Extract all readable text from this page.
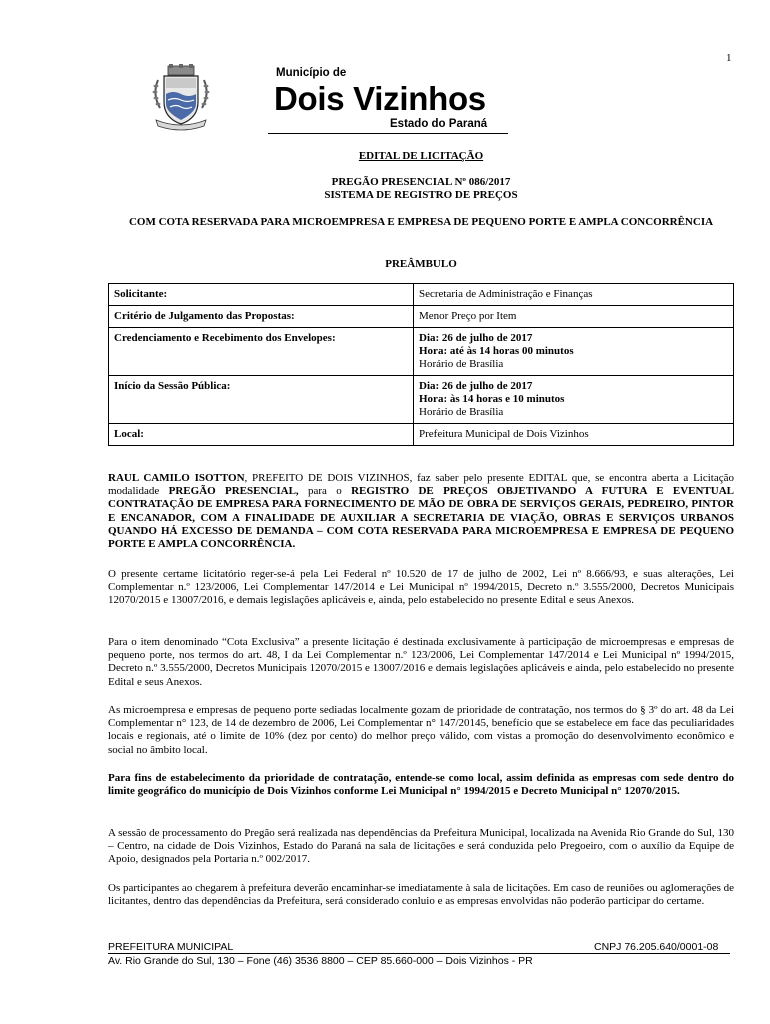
1
Município de
Dois Vizinhos
Estado do Paraná
EDITAL DE LICITAÇÃO
PREGÃO PRESENCIAL Nº 086/2017
SISTEMA DE REGISTRO DE PREÇOS
COM COTA RESERVADA PARA MICROEMPRESA E EMPRESA DE PEQUENO PORTE E AMPLA CONCORRÊNCIA
PREÂMBULO
Solicitante:	Secretaria de Administração e Finanças
Critério de Julgamento das Propostas:	Menor Preço por Item
Credenciamento e Recebimento dos Envelopes:	Dia: 26 de julho de 2017
Hora: até às 14 horas 00 minutos
Horário de Brasília

Início da Sessão Pública:	Dia: 26 de julho de 2017
Hora: às 14 horas e 10 minutos
Horário de Brasília

Local:	Prefeitura Municipal de Dois Vizinhos

RAUL CAMILO ISOTTON, PREFEITO DE DOIS VIZINHOS, faz saber pelo presente EDITAL que, se encontra aberta a Licitação modalidade PREGÃO PRESENCIAL, para o REGISTRO DE PREÇOS OBJETIVANDO A FUTURA E EVENTUAL CONTRATAÇÃO DE EMPRESA PARA FORNECIMENTO DE MÃO DE OBRA DE SERVIÇOS GERAIS, PEDREIRO, PINTOR E ENCANADOR, COM A FINALIDADE DE AUXILIAR A SECRETARIA DE VIAÇÃO, OBRAS E SERVIÇOS URBANOS QUANDO HÁ EXCESSO DE DEMANDA – COM COTA RESERVADA PARA MICROEMPRESA E EMPRESA DE PEQUENO PORTE E AMPLA CONCORRÊNCIA.

O presente certame licitatório reger-se-á pela Lei Federal nº 10.520 de 17 de julho de 2002, Lei nº 8.666/93, e suas alterações, Lei Complementar n.º 123/2006, Lei Complementar 147/2014 e Lei Municipal nº 1994/2015, Decreto n.º 3.555/2000, Decretos Municipais 12070/2015 e 13007/2016, e demais legislações aplicáveis e, ainda, pelo estabelecido no presente Edital e seus Anexos.

Para o item denominado “Cota Exclusiva” a presente licitação é destinada exclusivamente à participação de microempresas e empresas de pequeno porte, nos termos do art. 48, I da Lei Complementar n.º 123/2006, Lei Complementar 147/2014 e Lei Municipal nº 1994/2015, Decreto n.º 3.555/2000, Decretos Municipais 12070/2015 e 13007/2016 e demais legislações aplicáveis e ainda, pelo estabelecido no presente Edital e seus Anexos.

As microempresa e empresas de pequeno porte sediadas localmente gozam de prioridade de contratação, nos termos do § 3º do art. 48 da Lei Complementar n° 123, de 14 de dezembro de 2006, Lei Complementar n° 147/20145, benefício que se estabelece em face das peculiaridades locais e regionais, até o limite de 10% (dez por cento) do melhor preço válido, com vistas a promoção do desenvolvimento econômico e social no âmbito local.

Para fins de estabelecimento da prioridade de contratação, entende-se como local, assim definida as empresas com sede dentro do limite geográfico do município de Dois Vizinhos conforme Lei Municipal n° 1994/2015 e Decreto Municipal n° 12070/2015.

A sessão de processamento do Pregão será realizada nas dependências da Prefeitura Municipal, localizada na Avenida Rio Grande do Sul, 130 – Centro, na cidade de Dois Vizinhos, Estado do Paraná na sala de licitações e será conduzida pelo Pregoeiro, com o auxílio da Equipe de Apoio, designados pela Portaria n.º 002/2017.

Os participantes ao chegarem à prefeitura deverão encaminhar-se imediatamente à sala de licitações. Em caso de reuniões ou aglomerações de licitantes, dentro das dependências da Prefeitura, será considerado conluio e as empresas envolvidas não poderão participar do certame.

PREFEITURA MUNICIPAL	CNPJ 76.205.640/0001-08
Av. Rio Grande do Sul, 130 – Fone (46) 3536 8800 – CEP 85.660-000 – Dois Vizinhos - PR
